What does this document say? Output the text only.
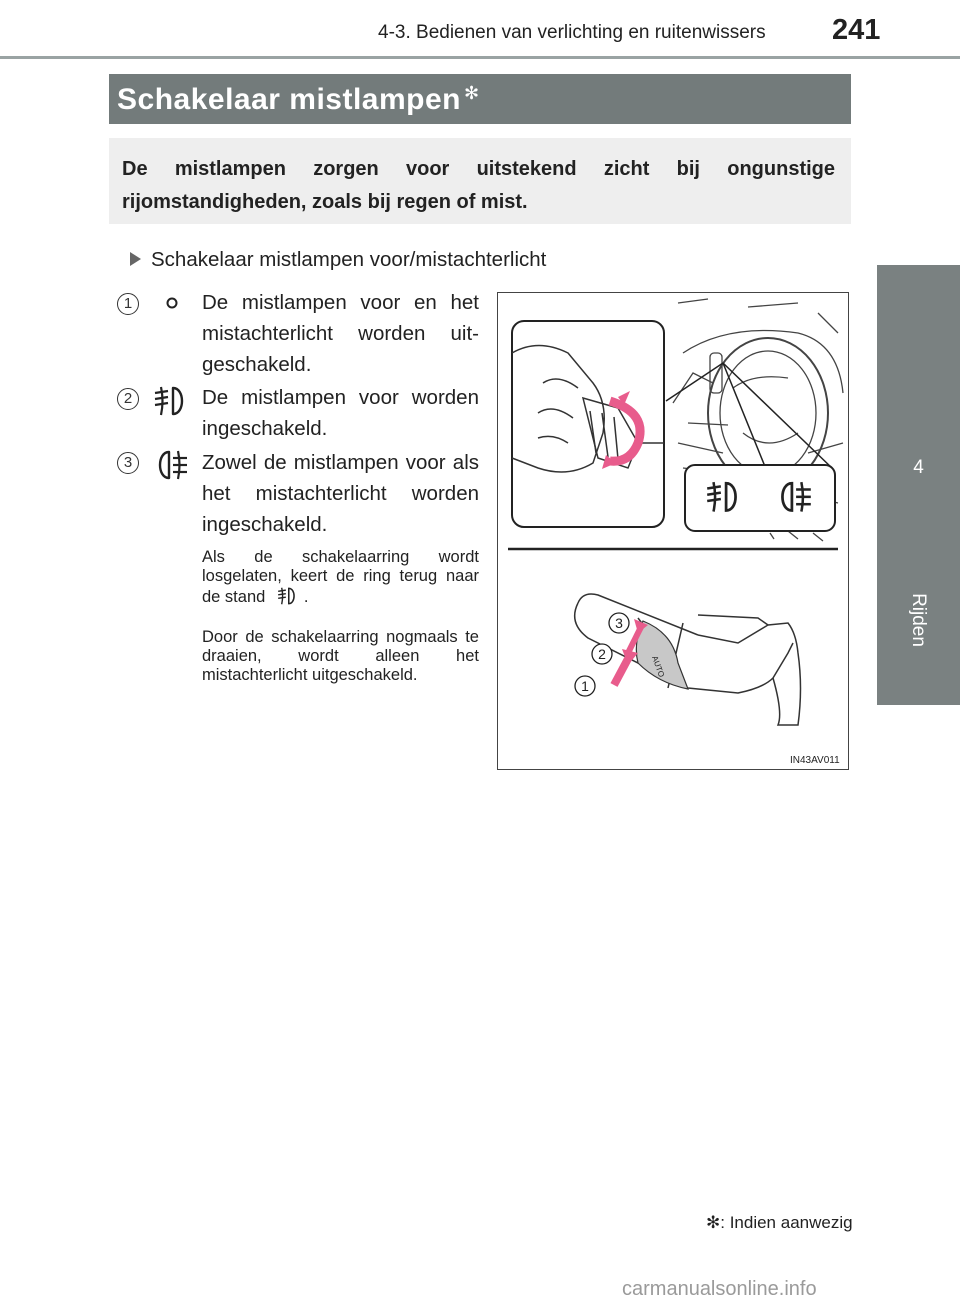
4-3. Bedienen van verlichting en ruitenwissers 241
4
Rijden
Schakelaar mistlampen ✻

De mistlampen zorgen voor uitstekend zicht bij ongunstige rijomstandigheden, zoals bij regen of mist.

Schakelaar mistlampen voor/mistachterlicht
1	De mistlampen voor en het mistachterlicht worden uitgeschakeld.
2	De mistlampen voor worden ingeschakeld.
3	Zowel de mistlampen voor als het mistachterlicht worden ingeschakeld.
Als de schakelaarring wordt losgelaten, keert de ring terug naar de stand .
Door de schakelaarring nogmaals te draaien, wordt alleen het mistachterlicht uitgeschakeld.	AUTO
1
2
3
IN43AV011
✻: Indien aanwezig
carmanualsonline.info
